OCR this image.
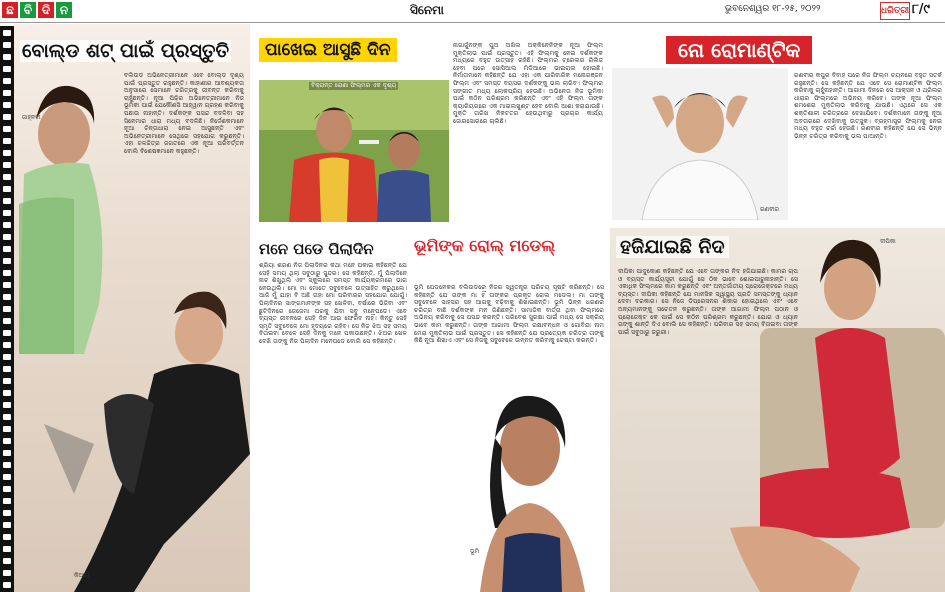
ଛ ବି ଦି ନ	ସିନେମା	ଭୁବନେଶ୍ୱର ୧୮-୨୫, ୨୦୨୨	ଧରିତ୍ରୀ ୮/୯
ବୋଲ୍ଡ ଶଟ୍ ପାଇଁ ପ୍ରସ୍ତୁତି
ବଲିଉଡ ଅଭିନେତ୍ରୀମାନେ ଏବେ ବୋଲ୍ଡ ଦୃଶ୍ୟ ପାଇଁ ପ୍ରସ୍ତୁତ ରହୁଛନ୍ତି। କାହାଣୀର ଆବଶ୍ୟକତା ଅନୁସାରେ ସେମାନେ ଚରିତ୍ରକୁ ଜୀବନ୍ତ କରିବାକୁ ଚାହୁଁଛନ୍ତି। ନୂଆ ପିଢ଼ିର ଅଭିନେତ୍ରୀମାନେ ନିଜ ଭୂମିକା ପାଇଁ ଯେକୌଣସି ଆହ୍ୱାନ ଗ୍ରହଣ କରିବାକୁ ପଛାଉ ନାହାନ୍ତି। ଦର୍ଶକଙ୍କ ପସନ୍ଦ ବଦଳିବା ସହ ସିନେମାର ଧାରା ମଧ୍ୟ ବଦଳିଛି। ନିର୍ଦ୍ଦେଶକମାନେ ନୂଆ ଚିନ୍ତାଧାରା ନେଇ ଆସୁଛନ୍ତି ଏବଂ ଅଭିନେତ୍ରୀମାନେ ସେଥିରେ ସହଯୋଗ କରୁଛନ୍ତି। ଏହା ଚଳଚ୍ଚିତ୍ର ଜଗତରେ ଏକ ନୂଆ ପରିବର୍ତ୍ତନ ବୋଲି ବିଶେଷଜ୍ଞମାନେ କହୁଛନ୍ତି।
ଜାହ୍ନବୀ
କିଆରା
ପାଖେଇ ଆସୁଛି ଦିନ
ବିକ୍ରାନ୍ତ ରୋଣା ଫିଲ୍ମର ଏକ ଦୃଶ୍ୟ
ନାଗାର୍ଜୁନଙ୍କ ପୁଅ ଅଖିଲ ଅକ୍କିନେନିଙ୍କ ନୂଆ ଫିଲ୍ମ ମୁକ୍ତିଲାଭ ପାଇଁ ପ୍ରସ୍ତୁତ। ଏହି ଫିଲ୍ମକୁ ନେଇ ଦର୍ଶକଙ୍କ ମଧ୍ୟରେ ବହୁତ ଉତ୍ସାହ ରହିଛି। ଫିଲ୍ମର ଟ୍ରେଲର ରିଲିଜ ହେବା ପରେ ସୋସିଆଲ ମିଡିଆରେ ଭାଇରାଲ ହୋଇଛି। ନିର୍ମାତାମାନେ କହିଛନ୍ତି ଯେ ଏହା ଏକ ପାରିବାରିକ ମନୋରଞ୍ଜନ ଫିଲ୍ମ ଏବଂ ସମସ୍ତ ବୟସର ଦର୍ଶକଙ୍କୁ ଭଲ ଲାଗିବ। ଫିଲ୍ମର ସଙ୍ଗୀତ ମଧ୍ୟ ଲୋକପ୍ରିୟ ହେଉଛି। ଅଭିନେତା ନିଜ ଭୂମିକା ପାଇଁ କଠିନ ପରିଶ୍ରମ କରିଛନ୍ତି ଏବଂ ଏହି ଫିଲ୍ମ ତାଙ୍କ କ୍ୟାରିୟରରେ ଏକ ମାଇଲଖୁଣ୍ଟ ହେବ ବୋଲି ଆଶା କରାଯାଉଛି। ମୁକ୍ତି ତାରିଖ ନିକଟତର ହେଉଥିବାରୁ ପ୍ରଚାର କାର୍ଯ୍ୟ ଜୋରସୋରରେ ଚାଲିଛି।
ନୋ ରୋମାଣ୍ଟିକ
ରଣବୀର
ରଣବୀର କପୁର ବିବାହ ପରେ ନିଜ ଫିଲ୍ମ ଚୟନରେ ବହୁତ ସତର୍କ ରହୁଛନ୍ତି। ସେ କହିଛନ୍ତି ଯେ ଏବେ ସେ ରୋମାଣ୍ଟିକ ଫିଲ୍ମ କରିବାକୁ ଚାହୁଁନାହାନ୍ତି। ଆଗାମୀ ଦିନରେ ସେ ଆକ୍ସନ ଓ ଥ୍ରିଲର ଧାରାର ଫିଲ୍ମରେ ଅଭିନୟ କରିବେ। ତାଙ୍କ ନୂଆ ଫିଲ୍ମ ଶମଶେରା ମୁକ୍ତିଲାଭ କରିବାକୁ ଯାଉଛି। ଏଥିରେ ସେ ଏକ ଶକ୍ତିଶାଳୀ ଚରିତ୍ରରେ ଦେଖାଯିବେ। ଦର୍ଶକମାନେ ତାଙ୍କୁ ନୂଆ ଅବତାରରେ ଦେଖିବାକୁ ଉତ୍ସୁକ। ବ୍ରହ୍ମାସ୍ତ୍ର ଫିଲ୍ମକୁ ନେଇ ମଧ୍ୟ ବହୁତ ଚର୍ଚ୍ଚା ହେଉଛି। ରଣବୀର କହିଛନ୍ତି ଯେ ସେ ଭିନ୍ନ ଭିନ୍ନ ଚରିତ୍ର କରିବାକୁ ଭଲ ପାଆନ୍ତି।
ମନେ ପଡେ ପିଲାଦିନ
ଶ୍ରିୟା ଶରଣ ନିଜ ପିଲାଦିନର କଥା ମନେ ପକାଇ କହିଛନ୍ତି ଯେ ସେହି ସମୟ ଥିଲା ସବୁଠାରୁ ସୁନ୍ଦର। ସେ କହିଛନ୍ତି, ମୁଁ ପିଲାଦିନେ ନାଚ ଶିଖୁଥିଲି ଏବଂ ସ୍କୁଲରେ ସମସ୍ତ କାର୍ଯ୍ୟକ୍ରମରେ ଭାଗ ନେଉଥିଲି। ମୋ ମା ମୋତେ ସବୁବେଳେ ଉତ୍ସାହିତ କରୁଥିଲେ। ଆଜି ମୁଁ ଯାହା ବି ଅଛି ତାହା ମୋ ପରିବାରର ସହଯୋଗ ଯୋଗୁଁ। ପିଲାଦିନର ସାଙ୍ଗମାନଙ୍କ ସହ ଖେଳିବା, ବର୍ଷାରେ ଭିଜିବା ଏବଂ ଛୁଟିଦିନରେ ଜେଜେମା ଘରକୁ ଯିବା ସବୁ ମନେପଡେ। ଏବେ ବ୍ୟସ୍ତ ଜୀବନରେ ସେହି ଦିନ ଆଉ ଫେରିବ ନାହିଁ। କିନ୍ତୁ ସେହି ସ୍ମୃତି ସବୁବେଳେ ମୋ ହୃଦୟରେ ରହିବ। ସେ ନିଜ ଝିଅ ସହ ସମୟ ବିତାଇବା ବେଳେ ସେହି ଦିନକୁ ମନେ ପକାଉଛନ୍ତି। ଝିଅର ଖେଳ ଦେଖି ତାଙ୍କୁ ନିଜ ପିଲାଦିନ ମନେପଡେ ବୋଲି ସେ କହିଛନ୍ତି।
ଭୂମିଙ୍କ ରୋଲ୍ ମଡେଲ୍
ଭୂମି ପେଡନେକର ବଲିଉଡରେ ନିଜର ସ୍ୱତନ୍ତ୍ର ପରିଚୟ ସୃଷ୍ଟି କରିଛନ୍ତି। ସେ କହିଛନ୍ତି ଯେ ତାଙ୍କ ମା ହିଁ ତାଙ୍କର ପ୍ରକୃତ ରୋଲ ମଡେଲ। ମା ତାଙ୍କୁ ସବୁବେଳେ ସାହସର ସହ ଆଗକୁ ବଢ଼ିବାକୁ ଶିଖାଇଛନ୍ତି। ଭୂମି ଭିନ୍ନ ଧରଣର ଚରିତ୍ର ବାଛି ଦର୍ଶକଙ୍କ ମନ ଜିଣିଛନ୍ତି। ସାମାଜିକ ବାର୍ତ୍ତା ଥିବା ଫିଲ୍ମରେ ଅଭିନୟ କରିବାକୁ ସେ ପସନ୍ଦ କରନ୍ତି। ପରିବେଶ ସୁରକ୍ଷା ପାଇଁ ମଧ୍ୟ ସେ ସକ୍ରିୟ ଭାବେ କାମ କରୁଛନ୍ତି। ତାଙ୍କ ଆଗାମୀ ଫିଲ୍ମ ରକ୍ଷାବନ୍ଧନ ଓ ଗୋବିନ୍ଦା ନାମ ମେରା ମୁକ୍ତିଲାଭ ପାଇଁ ପ୍ରସ୍ତୁତ। ସେ କହିଛନ୍ତି ଯେ ପ୍ରତ୍ୟେକ ଚରିତ୍ର ତାଙ୍କୁ କିଛି ନୂଆ ଶିଖାଏ ଏବଂ ସେ ନିଜକୁ ସବୁବେଳେ ଉନ୍ନତ କରିବାକୁ ଚେଷ୍ଟା କରନ୍ତି।
ଭୂମି
ହଜିଯାଇଛି ନିଦ
ଦୀପିକା ପାଦୁକୋଣ କହିଛନ୍ତି ଯେ ଏବେ ତାଙ୍କର ନିଦ ହଜିଯାଇଛି। କାମର ଚାପ ଓ ବ୍ୟସ୍ତ କାର୍ଯ୍ୟସୂଚୀ ଯୋଗୁଁ ସେ ଠିକ ଭାବେ ଶୋଇପାରୁନାହାନ୍ତି। ସେ ଏକାଧିକ ଫିଲ୍ମରେ କାମ କରୁଛନ୍ତି ଏବଂ ଅନ୍ତର୍ଜାତୀୟ ପ୍ରୋଜେକ୍ଟରେ ମଧ୍ୟ ବ୍ୟସ୍ତ। ଦୀପିକା କହିଛନ୍ତି ଯେ ମାନସିକ ସ୍ୱାସ୍ଥ୍ୟ ପ୍ରତି ସମସ୍ତଙ୍କୁ ଧ୍ୟାନ ଦେବା ଦରକାର। ସେ ନିଜେ ଡିପ୍ରେସନର ଶିକାର ହୋଇଥିଲେ ଏବଂ ଏବେ ଅନ୍ୟମାନଙ୍କୁ ସଚେତନ କରୁଛନ୍ତି। ତାଙ୍କ ଆଗାମୀ ଫିଲ୍ମ ପଠାନ ଓ ପ୍ରୋଜେକ୍ଟ କେ ପାଇଁ ସେ କଠିନ ପରିଶ୍ରମ କରୁଛନ୍ତି। ଯୋଗ ଓ ଧ୍ୟାନ ତାଙ୍କୁ ଶାନ୍ତି ଦିଏ ବୋଲି ସେ କହିଛନ୍ତି। ପରିବାର ସହ ସମୟ ବିତାଇବା ତାଙ୍କ ପାଇଁ ସବୁଠାରୁ ଜରୁରୀ।
ଦୀପିକା
